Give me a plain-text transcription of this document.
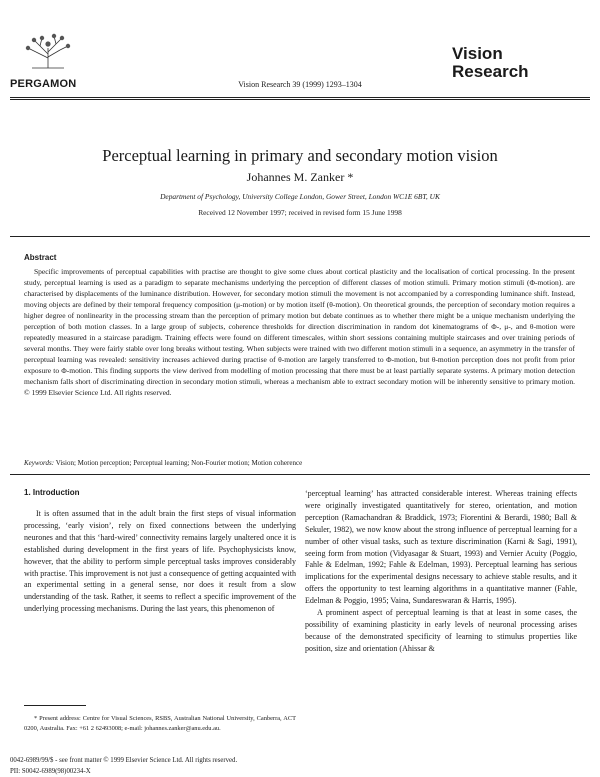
PERGAMON	Vision Research 39 (1999) 1293–1304
Vision
Research
Perceptual learning in primary and secondary motion vision
Johannes M. Zanker *
Department of Psychology, University College London, Gower Street, London WC1E 6BT, UK
Received 12 November 1997; received in revised form 15 June 1998
Abstract
Specific improvements of perceptual capabilities with practise are thought to give some clues about cortical plasticity and the localisation of cortical processing. In the present study, perceptual learning is used as a paradigm to separate mechanisms underlying the perception of different classes of motion stimuli. Primary motion stimuli (Φ-motion). are characterised by displacements of the luminance distribution. However, for secondary motion stimuli the movement is not accompanied by a corresponding luminance shift. Instead, moving objects are defined by their temporal frequency composition (μ-motion) or by motion itself (θ-motion). On theoretical grounds, the perception of secondary motion requires a higher degree of nonlinearity in the processing stream than the perception of primary motion but debate continues as to whether there might be a unique mechanism underlying the perception of both motion classes. In a large group of subjects, coherence thresholds for direction discrimination in random dot kinematograms of Φ-, μ-, and θ-motion were repeatedly measured in a staircase paradigm. Training effects were found on different timescales, within short sessions containing multiple staircases and over training periods of several months. They were fairly stable over long breaks without testing. When subjects were trained with two different motion stimuli in a sequence, an asymmetry in the transfer of perceptual learning was revealed: sensitivity increases achieved during practise of θ-motion are largely transferred to Φ-motion, but θ-motion perception does not profit from prior exposure to Φ-motion. This finding supports the view derived from modelling of motion processing that there must be at least partially separate systems. A primary motion detection mechanism falls short of discriminating direction in secondary motion stimuli, whereas a mechanism able to extract secondary motion will be inherently sensitive to primary motion. © 1999 Elsevier Science Ltd. All rights reserved.
Keywords: Vision; Motion perception; Perceptual learning; Non-Fourier motion; Motion coherence
1. Introduction

It is often assumed that in the adult brain the first steps of visual information processing, ‘early vision’, rely on fixed connections between the underlying neurones and that this ‘hard-wired’ connectivity remains largely unaltered once it is established during development in the first years of life. Psychophysicists know, however, that the ability to perform simple perceptual tasks improves considerably with practise. This improvement is not just a consequence of getting acquainted with an experimental setting in a general sense, nor does it result from a slow understanding of the task. Rather, it seems to reflect a specific improvement of the underlying processing mechanisms. During the last years, this phenomenon of

‘perceptual learning’ has attracted considerable interest. Whereas training effects were originally investigated quantitatively for stereo, orientation, and motion perception (Ramachandran & Braddick, 1973; Fiorentini & Berardi, 1980; Ball & Sekuler, 1982), we now know about the strong influence of perceptual learning for a number of other visual tasks, such as texture discrimination (Karni & Sagi, 1991), seeing form from motion (Vidyasagar & Stuart, 1993) and Vernier Acuity (Poggio, Fahle & Edelman, 1992; Fahle & Edelman, 1993). Perceptual learning has serious implications for the experimental designs necessary to achieve stable results, and it offers the opportunity to test learning algorithms in a quantitative manner (Fahle, Edelman & Poggio, 1995; Vaina, Sundareswaran & Harris, 1995).

A prominent aspect of perceptual learning is that at least in some cases, the possibility of examining plasticity in early levels of neuronal processing arises because of the demonstrated specificity of learning to stimulus properties like position, size and orientation (Ahissar &

* Present address: Centre for Visual Sciences, RSBS, Australian National University, Canberra, ACT 0200, Australia. Fax: +61 2 62493008; e-mail: johannes.zanker@anu.edu.au.
0042-6989/99/$ - see front matter © 1999 Elsevier Science Ltd. All rights reserved.
PII: S0042-6989(98)00234-X
